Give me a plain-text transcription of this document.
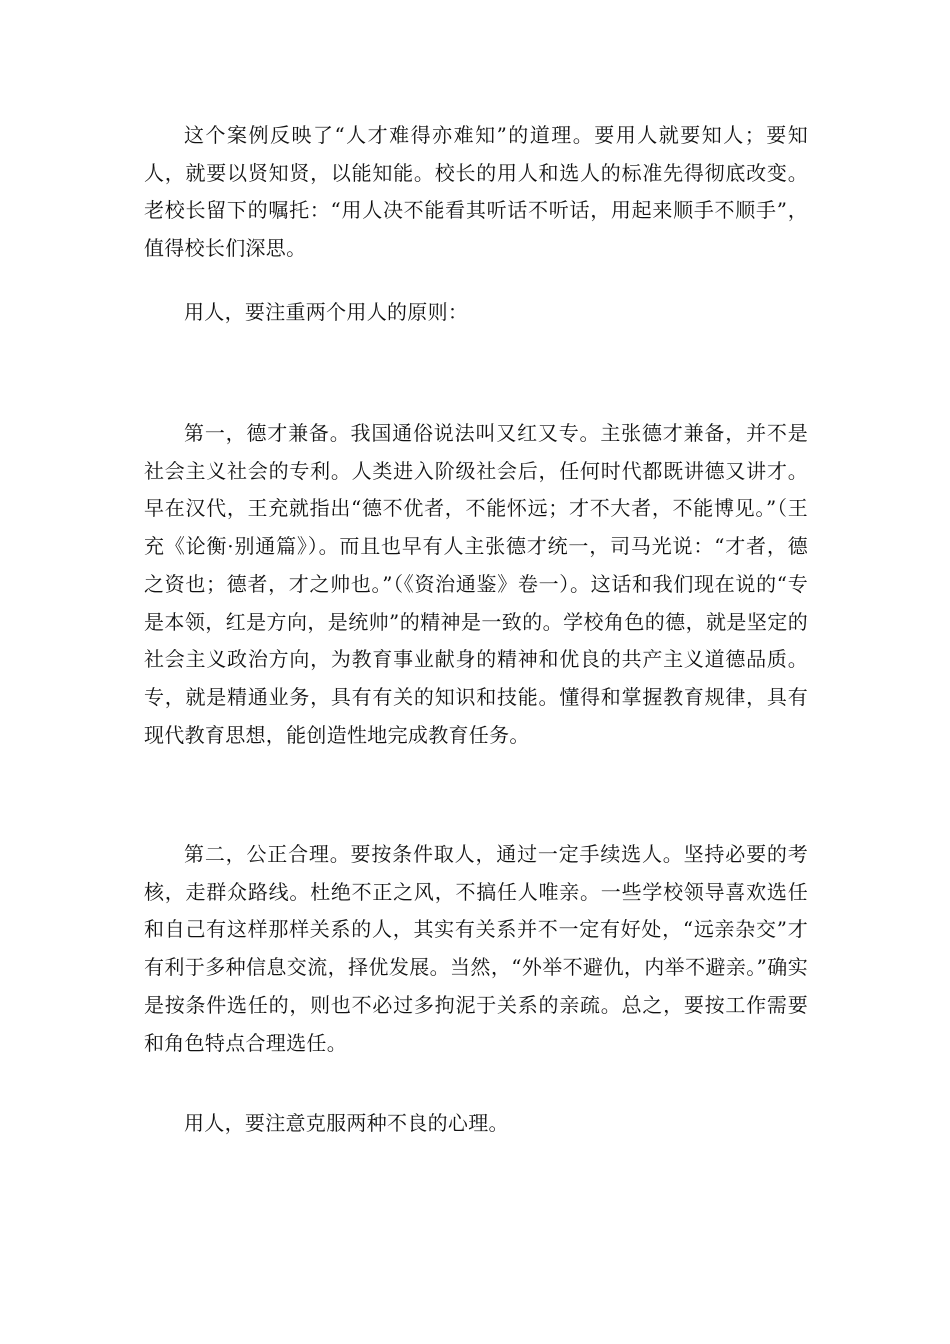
这个案例反映了“人才难得亦难知”的道理。要用人就要知人；要知人，就要以贤知贤，以能知能。校长的用人和选人的标准先得彻底改变。老校长留下的嘱托：“用人决不能看其听话不听话，用起来顺手不顺手”，值得校长们深思。

用人，要注重两个用人的原则：

第一，德才兼备。我国通俗说法叫又红又专。主张德才兼备，并不是社会主义社会的专利。人类进入阶级社会后，任何时代都既讲德又讲才。早在汉代，王充就指出“德不优者，不能怀远；才不大者，不能博见。”（王充《论衡·别通篇》）。而且也早有人主张德才统一，司马光说：“才者，德之资也；德者，才之帅也。”（《资治通鉴》卷一）。这话和我们现在说的“专是本领，红是方向，是统帅”的精神是一致的。学校角色的德，就是坚定的社会主义政治方向，为教育事业献身的精神和优良的共产主义道德品质。专，就是精通业务，具有有关的知识和技能。懂得和掌握教育规律，具有现代教育思想，能创造性地完成教育任务。

第二，公正合理。要按条件取人，通过一定手续选人。坚持必要的考核，走群众路线。杜绝不正之风，不搞任人唯亲。一些学校领导喜欢选任和自己有这样那样关系的人，其实有关系并不一定有好处，“远亲杂交”才有利于多种信息交流，择优发展。当然，“外举不避仇，内举不避亲。”确实是按条件选任的，则也不必过多拘泥于关系的亲疏。总之，要按工作需要和角色特点合理选任。

用人，要注意克服两种不良的心理。
